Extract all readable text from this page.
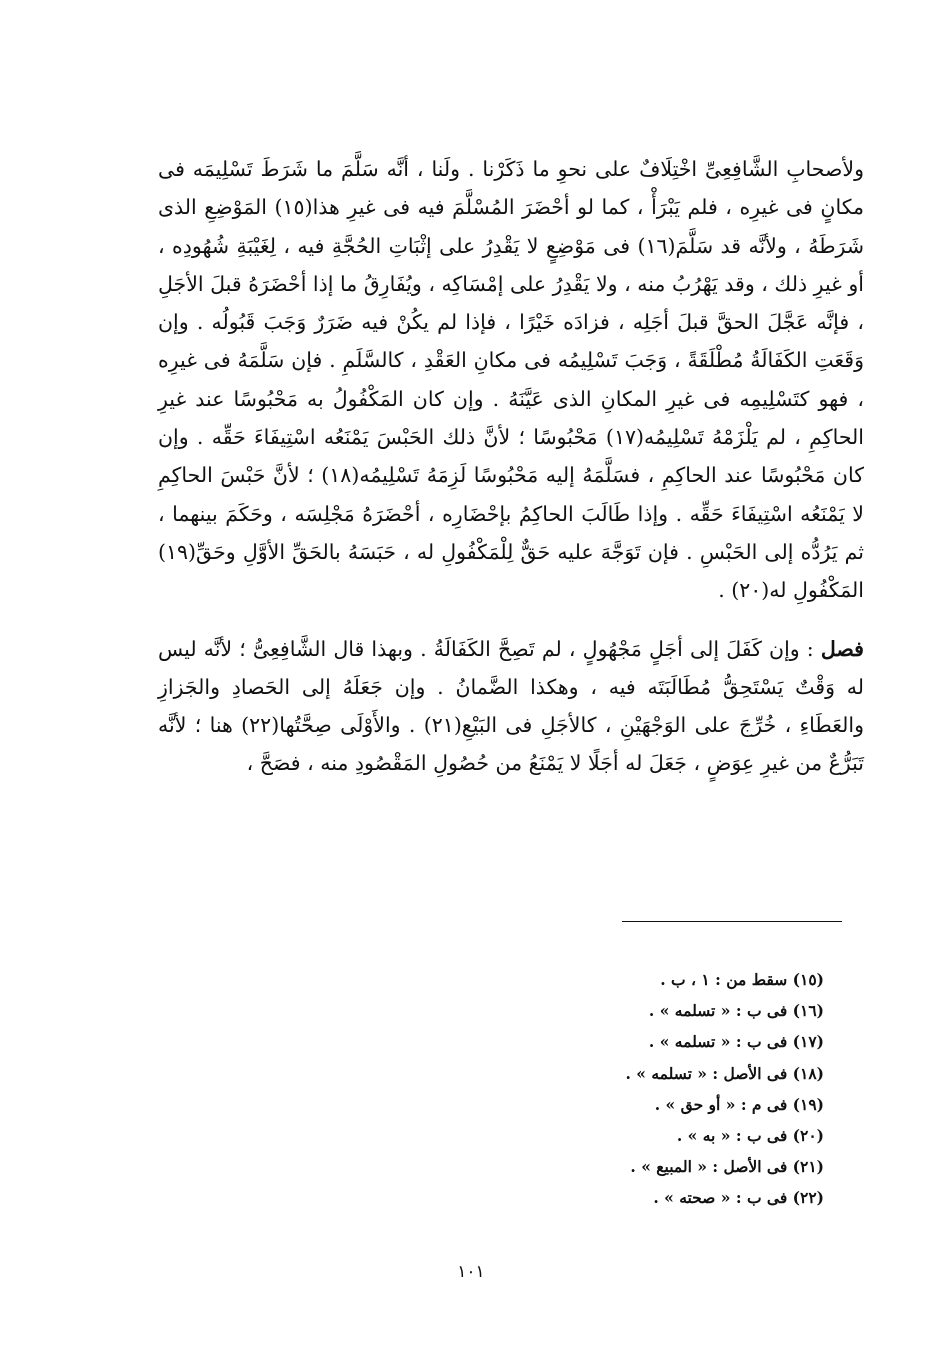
ولأصحابِ الشَّافِعِىِّ اخْتِلَافٌ على نحوِ ما ذَكَرْنا . ولَنا ، أنَّه سَلَّمَ ما شَرَطَ تَسْلِيمَه فى مكانٍ فى غيرِه ، فلم يَبْرَأْ ، كما لو أحْضَرَ المُسْلَّمَ فيه فى غيرِ هذا(١٥) المَوْضِعِ الذى شَرَطَهُ ، ولأنَّه قد سَلَّمَ(١٦) فى مَوْضِعٍ لا يَقْدِرُ على إثْبَاتِ الحُجَّةِ فيه ، لِغَيْبَةِ شُهُودِه ، أو غيرِ ذلك ، وقد يَهْرُبُ منه ، ولا يَقْدِرُ على إمْسَاكِه ، ويُفَارِقُ ما إذا أحْضَرَهُ قبلَ الأجَلِ ، فإنَّه عَجَّلَ الحقَّ قبلَ أجَلِه ، فزادَه خَيْرًا ، فإذا لم يكُنْ فيه ضَرَرٌ وَجَبَ قَبُولُه . وإن وَقَعَتِ الكَفَالَةُ مُطْلَقَةً ، وَجَبَ تَسْلِيمُه فى مكانِ العَقْدِ ، كالسَّلَمِ . فإن سَلَّمَهُ فى غيرِه ، فهو كتَسْلِيمِه فى غيرِ المكانِ الذى عَيَّنَهُ . وإن كان المَكْفُولُ به مَحْبُوسًا عند غيرِ الحاكِمِ ، لم يَلْزَمْهُ تَسْلِيمُه(١٧) مَحْبُوسًا ؛ لأنَّ ذلك الحَبْسَ يَمْنَعُه اسْتِيفَاءَ حَقِّه . وإن كان مَحْبُوسًا عند الحاكِمِ ، فسَلَّمَهُ إليه مَحْبُوسًا لَزِمَهُ تَسْلِيمُه(١٨) ؛ لأنَّ حَبْسَ الحاكِمِ لا يَمْنَعُه اسْتِيفَاءَ حَقِّه . وإذا طَالَبَ الحاكِمُ بإحْضَارِه ، أحْضَرَهُ مَجْلِسَه ، وحَكَمَ بينهما ، ثم يَرُدُّه إلى الحَبْسِ . فإن تَوَجَّهَ عليه حَقٌّ لِلْمَكْفُولِ له ، حَبَسَهُ بالحَقِّ الأوَّلِ وحَقِّ(١٩) المَكْفُولِ له(٢٠) .

فصل : وإن كَفَلَ إلى أجَلٍ مَجْهُولٍ ، لم تَصِحَّ الكَفَالَةُ . وبهذا قال الشَّافِعِىُّ ؛ لأنَّه ليس له وَقْتٌ يَسْتَحِقُّ مُطَالَبَتَه فيه ، وهكذا الضَّمانُ . وإن جَعَلَهُ إلى الحَصادِ والجَزازِ والعَطَاءِ ، خُرِّجَ على الوَجْهَيْنِ ، كالأجَلِ فى البَيْعِ(٢١) . والأَوْلَى صِحَّتُها(٢٢) هنا ؛ لأنَّه تَبَرُّعٌ من غيرِ عِوَضٍ ، جَعَلَ له أجَلًا لا يَمْنَعُ من حُصُولِ المَقْصُودِ منه ، فصَحَّ ،

(١٥) سقط من : ١ ، ب .
(١٦) فى ب : « تسلمه » .
(١٧) فى ب : « تسلمه » .
(١٨) فى الأصل : « تسلمه » .
(١٩) فى م : « أو حق » .
(٢٠) فى ب : « به » .
(٢١) فى الأصل : « المبيع » .
(٢٢) فى ب : « صحته » .
١٠١
